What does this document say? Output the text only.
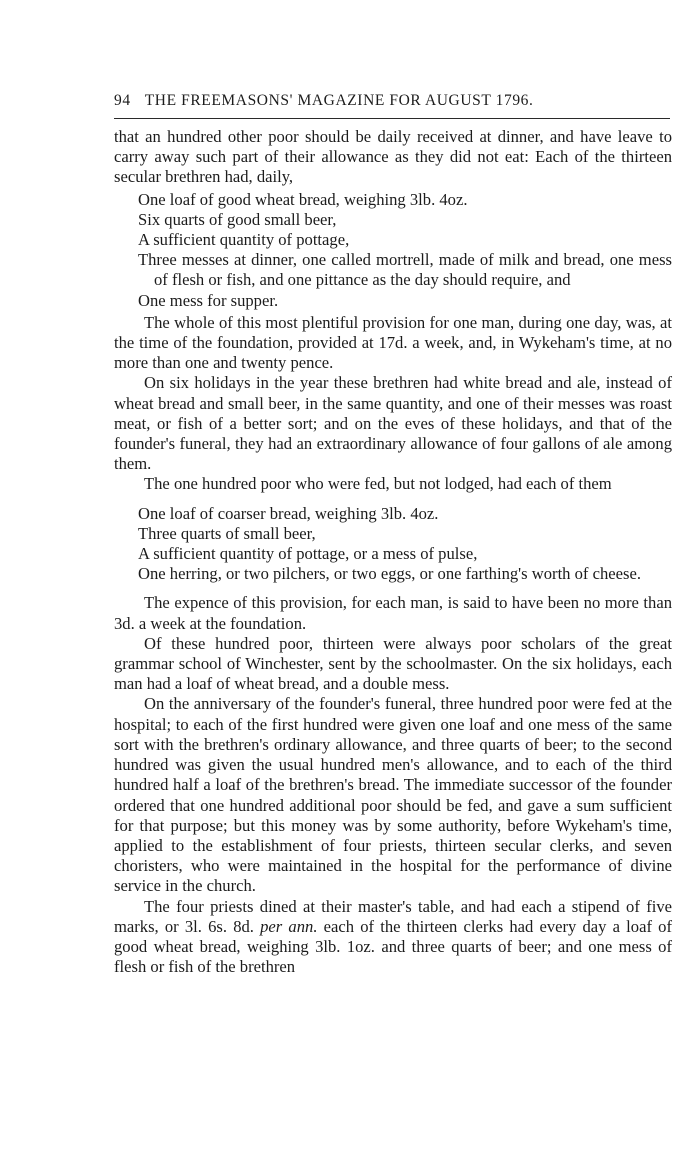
94 THE FREEMASONS' MAGAZINE FOR AUGUST 1796.

that an hundred other poor should be daily received at dinner, and have leave to carry away such part of their allowance as they did not eat: Each of the thirteen secular brethren had, daily,

One loaf of good wheat bread, weighing 3lb. 4oz.
Six quarts of good small beer,
A sufficient quantity of pottage,
Three messes at dinner, one called mortrell, made of milk and bread, one mess of flesh or fish, and one pittance as the day should require, and
One mess for supper.

The whole of this most plentiful provision for one man, during one day, was, at the time of the foundation, provided at 17d. a week, and, in Wykeham's time, at no more than one and twenty pence.

On six holidays in the year these brethren had white bread and ale, instead of wheat bread and small beer, in the same quantity, and one of their messes was roast meat, or fish of a better sort; and on the eves of these holidays, and that of the founder's funeral, they had an extraordinary allowance of four gallons of ale among them.

The one hundred poor who were fed, but not lodged, had each of them

One loaf of coarser bread, weighing 3lb. 4oz.
Three quarts of small beer,
A sufficient quantity of pottage, or a mess of pulse,
One herring, or two pilchers, or two eggs, or one farthing's worth of cheese.

The expence of this provision, for each man, is said to have been no more than 3d. a week at the foundation.

Of these hundred poor, thirteen were always poor scholars of the great grammar school of Winchester, sent by the schoolmaster. On the six holidays, each man had a loaf of wheat bread, and a double mess.

On the anniversary of the founder's funeral, three hundred poor were fed at the hospital; to each of the first hundred were given one loaf and one mess of the same sort with the brethren's ordinary allowance, and three quarts of beer; to the second hundred was given the usual hundred men's allowance, and to each of the third hundred half a loaf of the brethren's bread. The immediate successor of the founder ordered that one hundred additional poor should be fed, and gave a sum sufficient for that purpose; but this money was by some authority, before Wykeham's time, applied to the establishment of four priests, thirteen secular clerks, and seven choristers, who were maintained in the hospital for the performance of divine service in the church.

The four priests dined at their master's table, and had each a stipend of five marks, or 3l. 6s. 8d. per ann. each of the thirteen clerks had every day a loaf of good wheat bread, weighing 3lb. 1oz. and three quarts of beer; and one mess of flesh or fish of the brethren
